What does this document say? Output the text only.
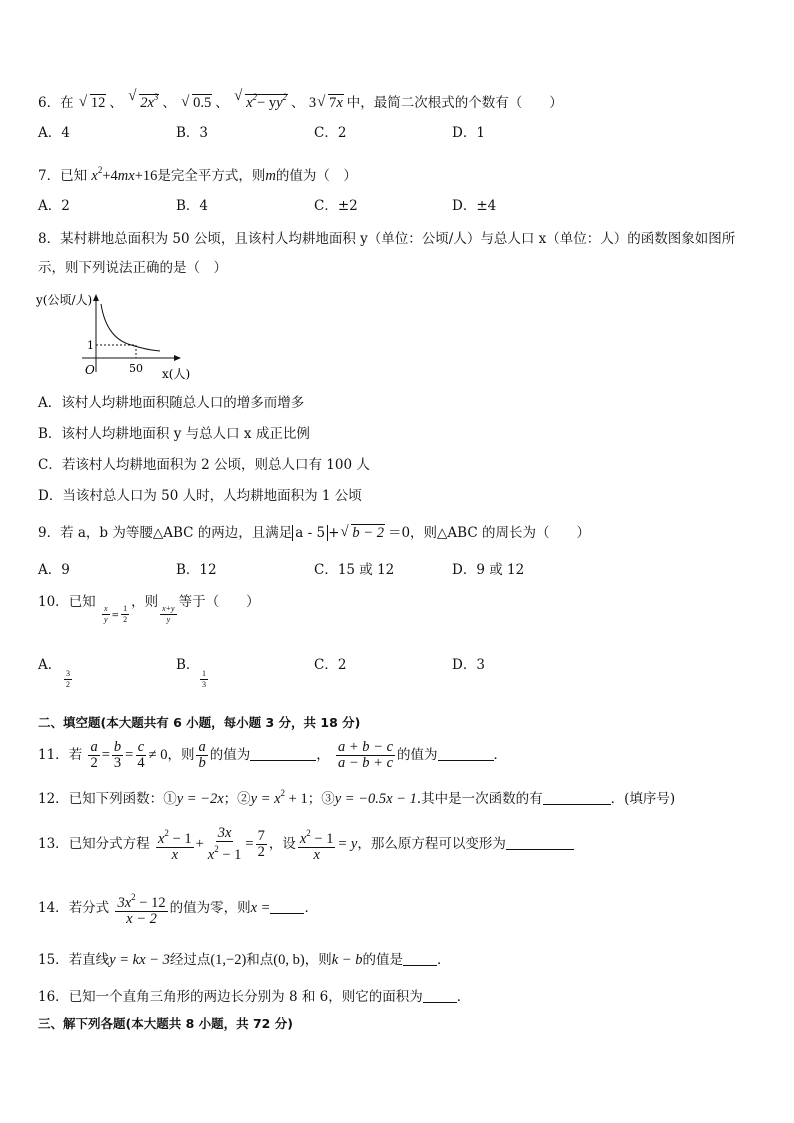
6．在 √ 12 、 √ $2x^3$ 、 √ 0.5 、 √ $x^2- yy^2$ 、 3 √ 7x 中，最简二次根式的个数有（　　）
A．4	B．3	C．2	D．1
7．已知 $x^2+4mx+16$是完全平方式，则m的值为（　）
A．2	B．4	C．±2	D．±4
8．某村耕地总面积为 50 公顷，且该村人均耕地面积 y（单位：公顷/人）与总人口 x（单位：人）的函数图象如图所
示，则下列说法正确的是（　）
y(公顷/人)
1
O	50 x(人)
A．该村人均耕地面积随总人口的增多而增多
B．该村人均耕地面积 y 与总人口 x 成正比例
C．若该村人均耕地面积为 2 公顷，则总人口有 100 人
D．当该村总人口为 50 人时，人均耕地面积为 1 公顷
9．若 a，b 为等腰△ABC 的两边，且满足 a - 5 + √ b − 2 ＝0，则△ABC 的周长为（　　）
A．9	B．12	C．15 或 12	D．9 或 12
10．已知
$\frac{x}{y} = \frac{1}{2}$
，则
$\frac{x+y}{y}$
等于（　　）
A．
$\frac{3}{2}$
B．
$\frac{1}{3}$
C．2	D．3
二、填空题(本大题共有 6 小题，每小题 3 分，共 18 分)
11．若 $\frac{a}{2} = \frac{b}{3} = \frac{c}{4} \ne 0$，则 $\frac{a}{b}$ 的值为	， $\frac{a + b - c}{a - b + c}$ 的值为	．
12．已知下列函数：①y = −2x；②y = $x^2 + 1$；③y = −0.5x − 1.其中是一次函数的有	．(填序号)
13．已知分式方程 $\frac{x^2 - 1}{x} + \frac{3x}{x^2 - 1} = \frac{7}{2}$ ，设 $\frac{x^2 - 1}{x} = y$，那么原方程可以变形为
14．若分式 $\frac{3x^2 - 12}{x - 2}$ 的值为零，则x =	．
15．若直线y = kx − 3经过点(1,−2)和点(0, b)，则k − b的值是	．
16．已知一个直角三角形的两边长分别为 8 和 6，则它的面积为	．
三、解下列各题(本大题共 8 小题，共 72 分)
